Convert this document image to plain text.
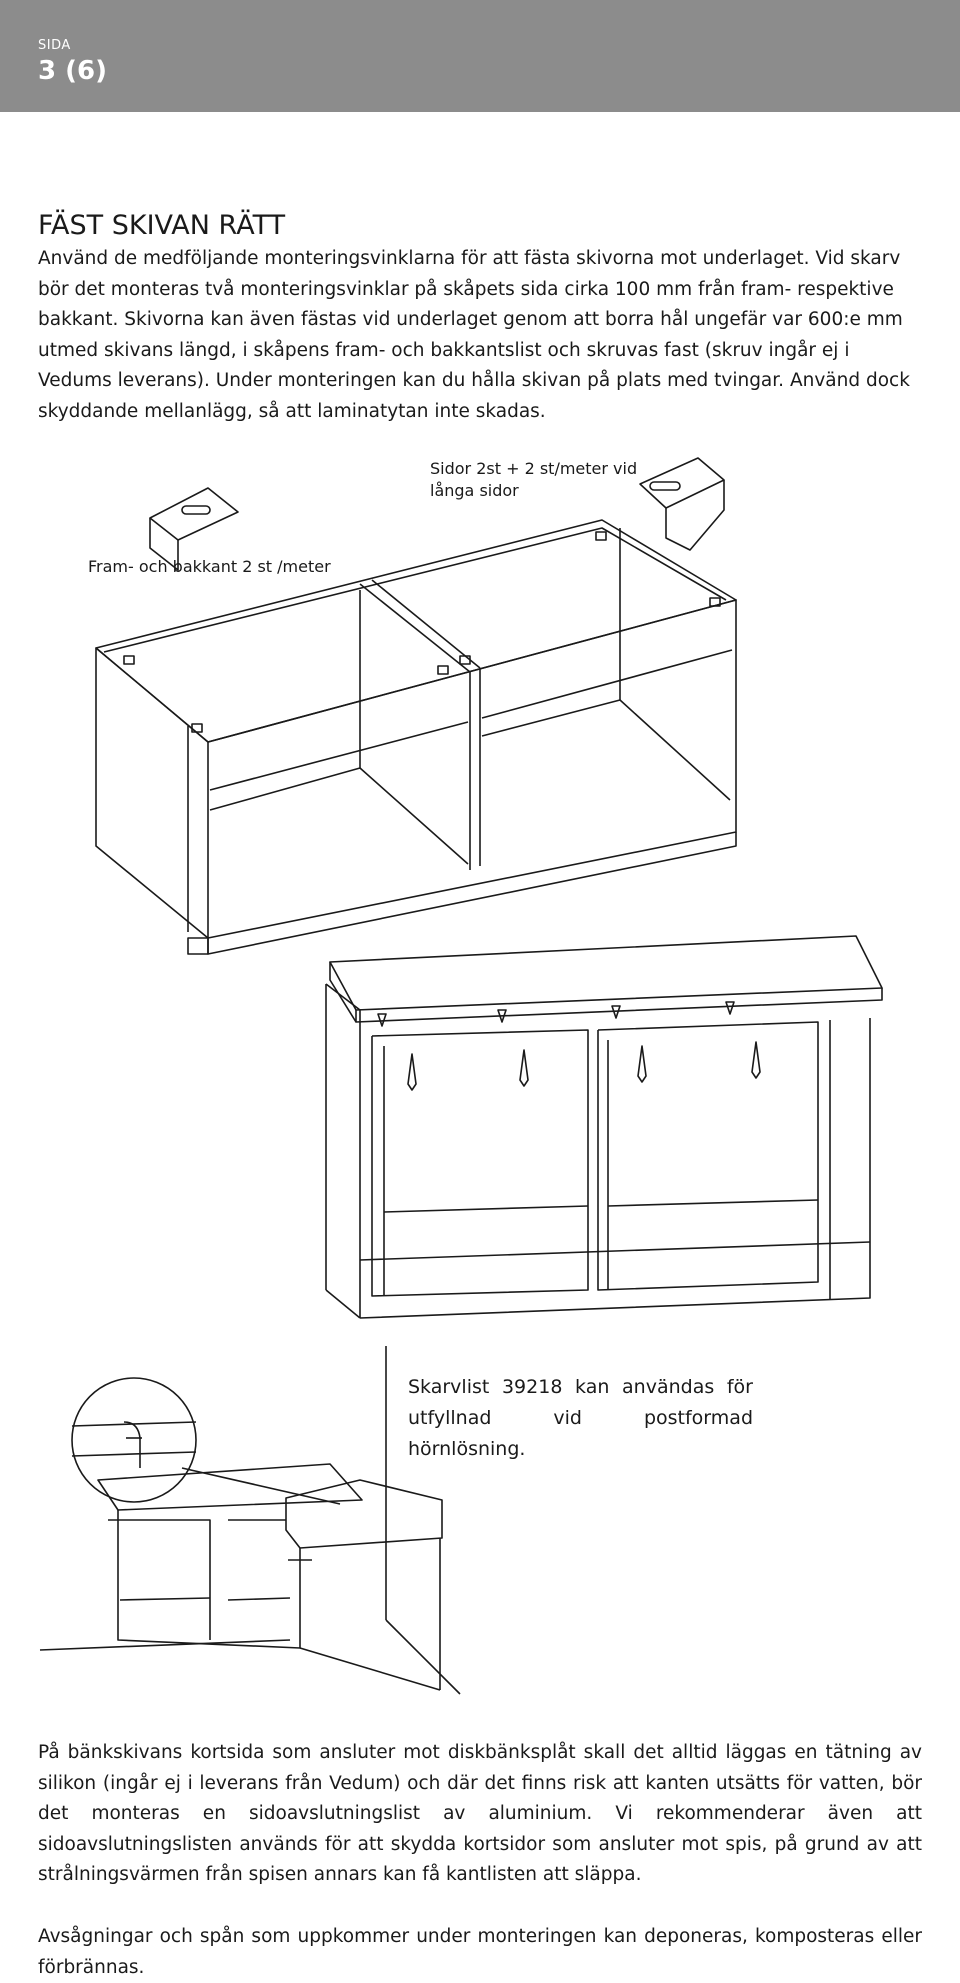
SIDA
3 (6)
FÄST SKIVAN RÄTT

Använd de medföljande monteringsvinklarna för att fästa skivorna mot underlaget. Vid skarv bör det monteras två monteringsvinklar på skåpets sida cirka 100 mm från fram- respektive bakkant. Skivorna kan även fästas vid underlaget genom att borra hål ungefär var 600:e mm utmed skivans längd, i skåpens fram- och bakkantslist och skruvas fast (skruv ingår ej i Vedums leverans). Under monteringen kan du hålla skivan på plats med tvingar. Använd dock skyddande mellanlägg, så att laminatytan inte skadas.

Sidor 2st + 2 st/meter vid långa sidor
Fram- och bakkant 2 st /meter
Skarvlist 39218 kan användas för utfyllnad vid postformad hörnlösning.

På bänkskivans kortsida som ansluter mot diskbänksplåt skall det alltid läggas en tätning av silikon (ingår ej i leverans från Vedum) och där det finns risk att kanten utsätts för vatten, bör det monteras en sidoavslutningslist av aluminium. Vi rekommenderar även att sidoavslutningslisten används för att skydda kortsidor som ansluter mot spis, på grund av att strålningsvärmen från spisen annars kan få kantlisten att släppa.

Avsågningar och spån som uppkommer under monteringen kan deponeras, komposteras eller förbrännas.
